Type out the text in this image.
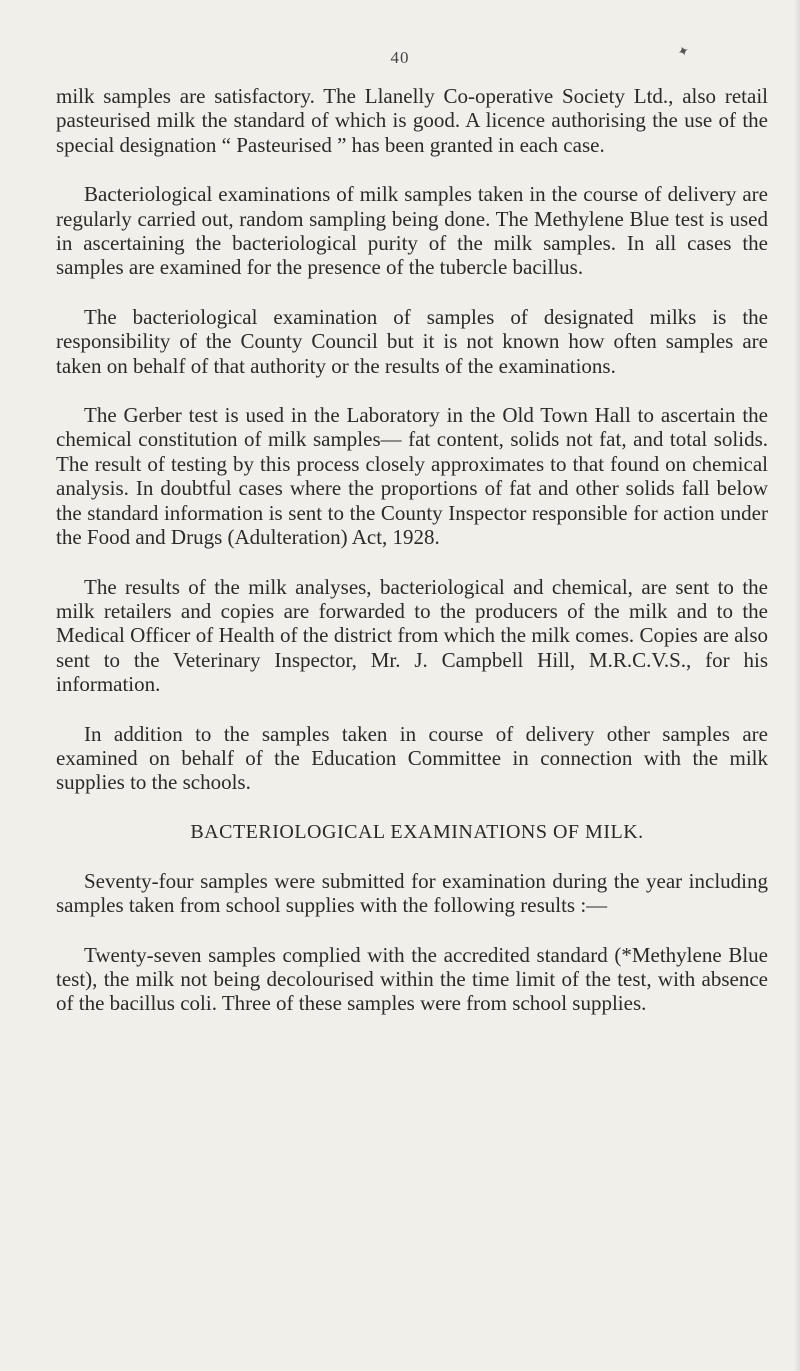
40	✦

milk samples are satisfactory. The Llanelly Co-operative Society Ltd., also retail pasteurised milk the standard of which is good. A licence authorising the use of the special designation “ Pasteurised ” has been granted in each case.

Bacteriological examinations of milk samples taken in the course of delivery are regularly carried out, random sampling being done. The Methylene Blue test is used in ascertaining the bacteriological purity of the milk samples. In all cases the samples are examined for the presence of the tubercle bacillus.

The bacteriological examination of samples of designated milks is the responsibility of the County Council but it is not known how often samples are taken on behalf of that authority or the results of the examinations.

The Gerber test is used in the Laboratory in the Old Town Hall to ascertain the chemical constitution of milk samples— fat content, solids not fat, and total solids. The result of testing by this process closely approximates to that found on chemical analysis. In doubtful cases where the proportions of fat and other solids fall below the standard information is sent to the County Inspector responsible for action under the Food and Drugs (Adulteration) Act, 1928.

The results of the milk analyses, bacteriological and chemical, are sent to the milk retailers and copies are forwarded to the producers of the milk and to the Medical Officer of Health of the district from which the milk comes. Copies are also sent to the Veterinary Inspector, Mr. J. Campbell Hill, M.R.C.V.S., for his information.

In addition to the samples taken in course of delivery other samples are examined on behalf of the Education Committee in connection with the milk supplies to the schools.

BACTERIOLOGICAL EXAMINATIONS OF MILK.

Seventy-four samples were submitted for examination during the year including samples taken from school supplies with the following results :—

Twenty-seven samples complied with the accredited standard (*Methylene Blue test), the milk not being decolourised within the time limit of the test, with absence of the bacillus coli. Three of these samples were from school supplies.
